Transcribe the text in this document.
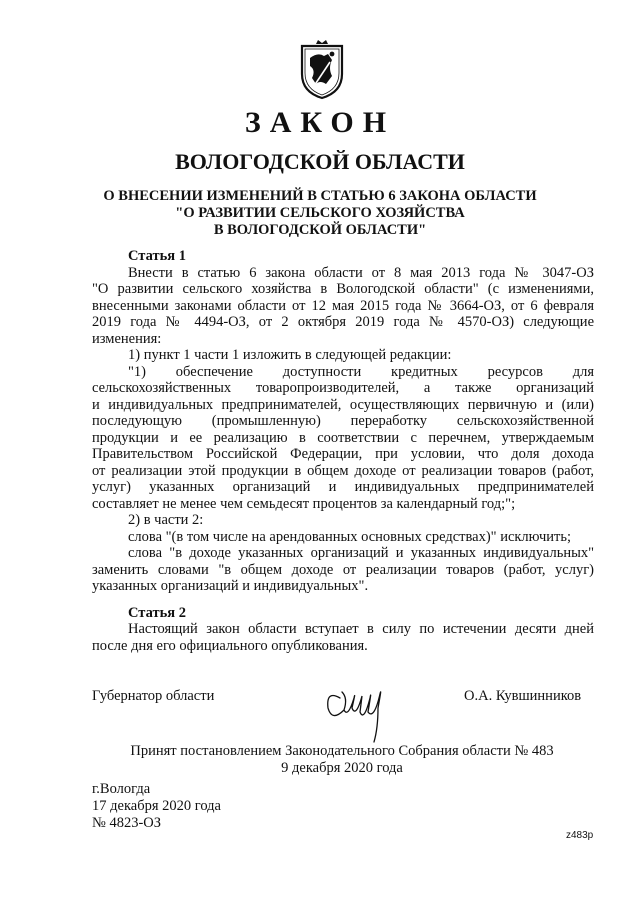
ЗАКОН
ВОЛОГОДСКОЙ ОБЛАСТИ
О ВНЕСЕНИИ ИЗМЕНЕНИЙ В СТАТЬЮ 6 ЗАКОНА ОБЛАСТИ
"О РАЗВИТИИ СЕЛЬСКОГО ХОЗЯЙСТВА
В ВОЛОГОДСКОЙ ОБЛАСТИ"
Статья 1
Внести в статью 6 закона области от 8 мая 2013 года № 3047-ОЗ
"О развитии сельского хозяйства в Вологодской области" (с изменениями,
внесенными законами области от 12 мая 2015 года № 3664-ОЗ, от 6 февраля
2019 года № 4494-ОЗ, от 2 октября 2019 года № 4570-ОЗ) следующие
изменения:
1) пункт 1 части 1 изложить в следующей редакции:
"1) обеспечение доступности кредитных ресурсов для
сельскохозяйственных товаропроизводителей, а также организаций
и индивидуальных предпринимателей, осуществляющих первичную и (или)
последующую (промышленную) переработку сельскохозяйственной
продукции и ее реализацию в соответствии с перечнем, утверждаемым
Правительством Российской Федерации, при условии, что доля дохода
от реализации этой продукции в общем доходе от реализации товаров (работ,
услуг) указанных организаций и индивидуальных предпринимателей
составляет не менее чем семьдесят процентов за календарный год;";
2) в части 2:
слова "(в том числе на арендованных основных средствах)" исключить;
слова "в доходе указанных организаций и указанных индивидуальных"
заменить словами "в общем доходе от реализации товаров (работ, услуг)
указанных организаций и индивидуальных".
Статья 2
Настоящий закон области вступает в силу по истечении десяти дней
после дня его официального опубликования.
Губернатор области	О.А. Кувшинников
Принят постановлением Законодательного Собрания области № 483
9 декабря 2020 года
г.Вологда
17 декабря 2020 года
№ 4823-ОЗ
z483p
